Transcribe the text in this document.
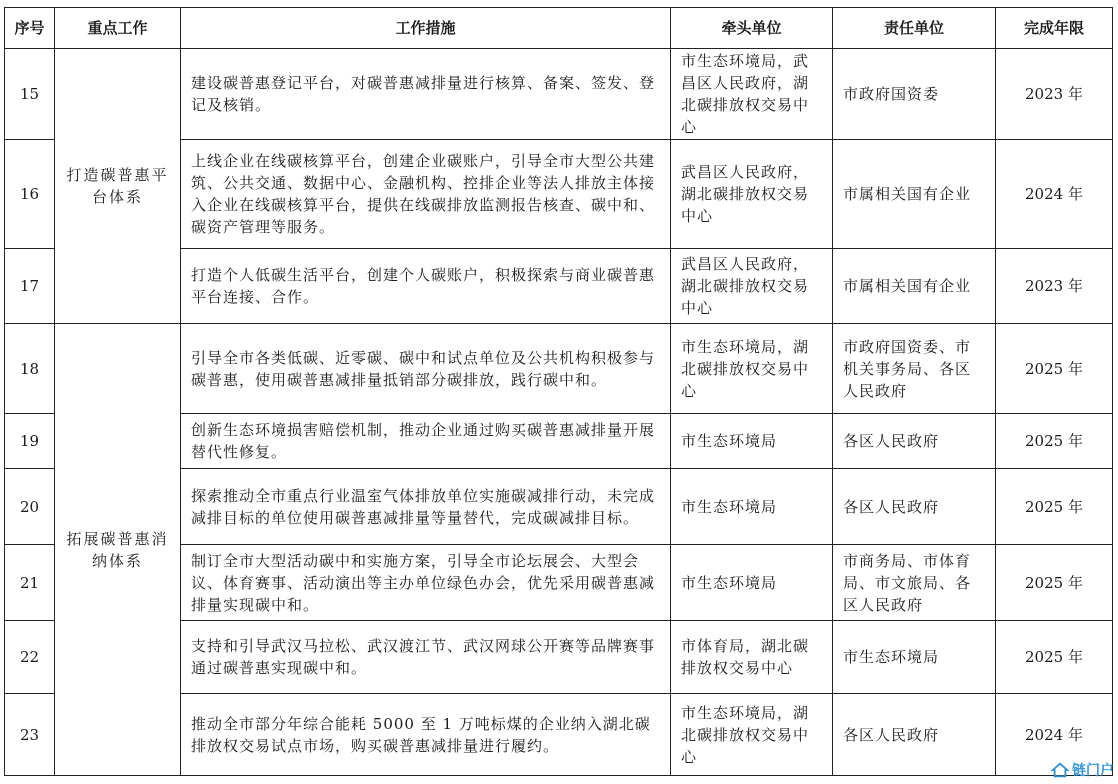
序号	重点工作	工作措施	牵头单位	责任单位	完成年限
15	打造碳普惠平台体系	建设碳普惠登记平台，对碳普惠减排量进行核算、备案、签发、登记及核销。	市生态环境局，武昌区人民政府，湖北碳排放权交易中心	市政府国资委	2023 年
16		上线企业在线碳核算平台，创建企业碳账户，引导全市大型公共建筑、公共交通、数据中心、金融机构、控排企业等法人排放主体接入企业在线碳核算平台，提供在线碳排放监测报告核查、碳中和、碳资产管理等服务。	武昌区人民政府，湖北碳排放权交易中心	市属相关国有企业	2024 年
17		打造个人低碳生活平台，创建个人碳账户，积极探索与商业碳普惠平台连接、合作。	武昌区人民政府，湖北碳排放权交易中心	市属相关国有企业	2023 年
18	拓展碳普惠消纳体系	引导全市各类低碳、近零碳、碳中和试点单位及公共机构积极参与碳普惠，使用碳普惠减排量抵销部分碳排放，践行碳中和。	市生态环境局，湖北碳排放权交易中心	市政府国资委、市机关事务局、各区人民政府	2025 年
19		创新生态环境损害赔偿机制，推动企业通过购买碳普惠减排量开展替代性修复。	市生态环境局	各区人民政府	2025 年
20		探索推动全市重点行业温室气体排放单位实施碳减排行动，未完成减排目标的单位使用碳普惠减排量等量替代，完成碳减排目标。	市生态环境局	各区人民政府	2025 年
21		制订全市大型活动碳中和实施方案，引导全市论坛展会、大型会议、体育赛事、活动演出等主办单位绿色办会，优先采用碳普惠减排量实现碳中和。	市生态环境局	市商务局、市体育局、市文旅局、各区人民政府	2025 年
22		支持和引导武汉马拉松、武汉渡江节、武汉网球公开赛等品牌赛事通过碳普惠实现碳中和。	市体育局，湖北碳排放权交易中心	市生态环境局	2025 年
23		推动全市部分年综合能耗 5000 至 1 万吨标煤的企业纳入湖北碳排放权交易试点市场，购买碳普惠减排量进行履约。	市生态环境局，湖北碳排放权交易中心	各区人民政府	2024 年
链门户
